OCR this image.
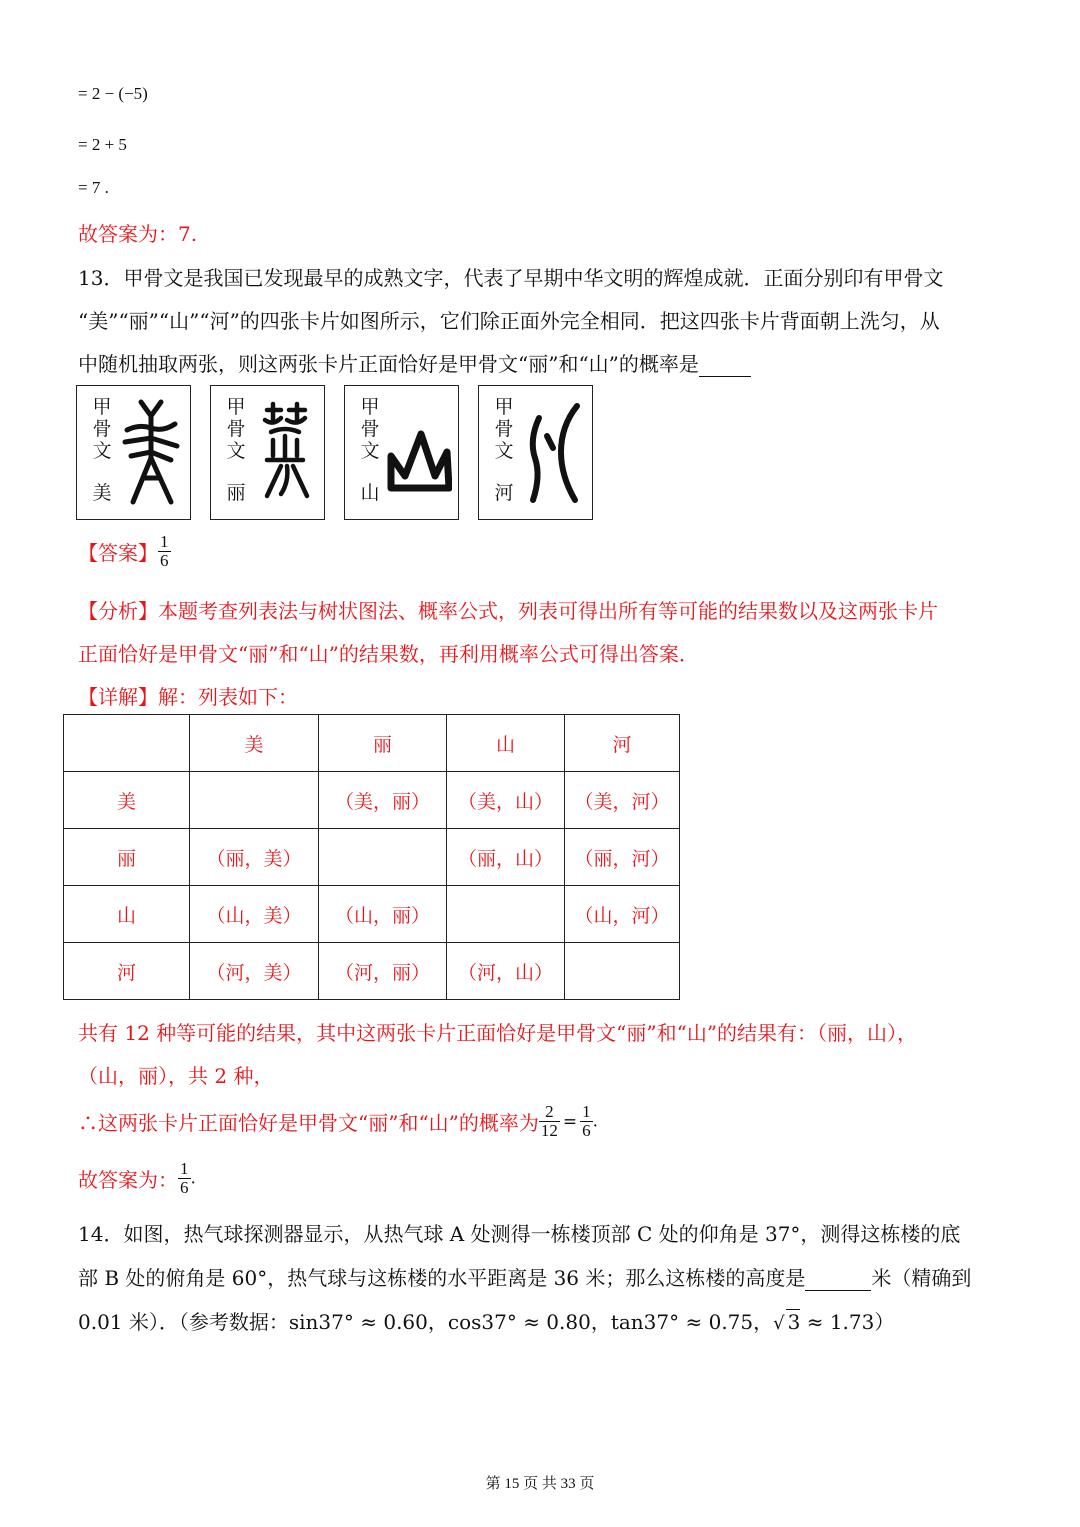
= 2 − (−5)
= 2 + 5
= 7 .
故答案为：7.
13．甲骨文是我国已发现最早的成熟文字，代表了早期中华文明的辉煌成就．正面分别印有甲骨文
“美”“丽”“山”“河”的四张卡片如图所示，它们除正面外完全相同．把这四张卡片背面朝上洗匀，从
中随机抽取两张，则这两张卡片正面恰好是甲骨文“丽”和“山”的概率是
甲
骨
文
美
甲
骨
文
丽
甲
骨
文
山
甲
骨
文
河
【答案】 $\frac{1}{6}$
【分析】本题考查列表法与树状图法、概率公式，列表可得出所有等可能的结果数以及这两张卡片
正面恰好是甲骨文“丽”和“山”的结果数，再利用概率公式可得出答案．
【详解】解：列表如下：
	美	丽	山	河
美		（美，丽）	（美，山）	（美，河）
丽	（丽，美）		（丽，山）	（丽，河）
山	（山，美）	（山，丽）		（山，河）
河	（河，美）	（河，丽）	（河，山）	
共有 12 种等可能的结果，其中这两张卡片正面恰好是甲骨文“丽”和“山”的结果有：（丽，山），
（山，丽），共 2 种，
∴这两张卡片正面恰好是甲骨文“丽”和“山”的概率为 $\frac{2}{12} = \frac{1}{6}$ .
故答案为： $\frac{1}{6}$ .
14．如图，热气球探测器显示，从热气球 A 处测得一栋楼顶部 C 处的仰角是 37°，测得这栋楼的底
部 B 处的俯角是 60°，热气球与这栋楼的水平距离是 36 米；那么这栋楼的高度是	米（精确到
0.01 米）．（参考数据：sin37° ≈ 0.60，cos37° ≈ 0.80，tan37° ≈ 0.75，√ 3 ≈ 1.73）
第 15 页 共 33 页
